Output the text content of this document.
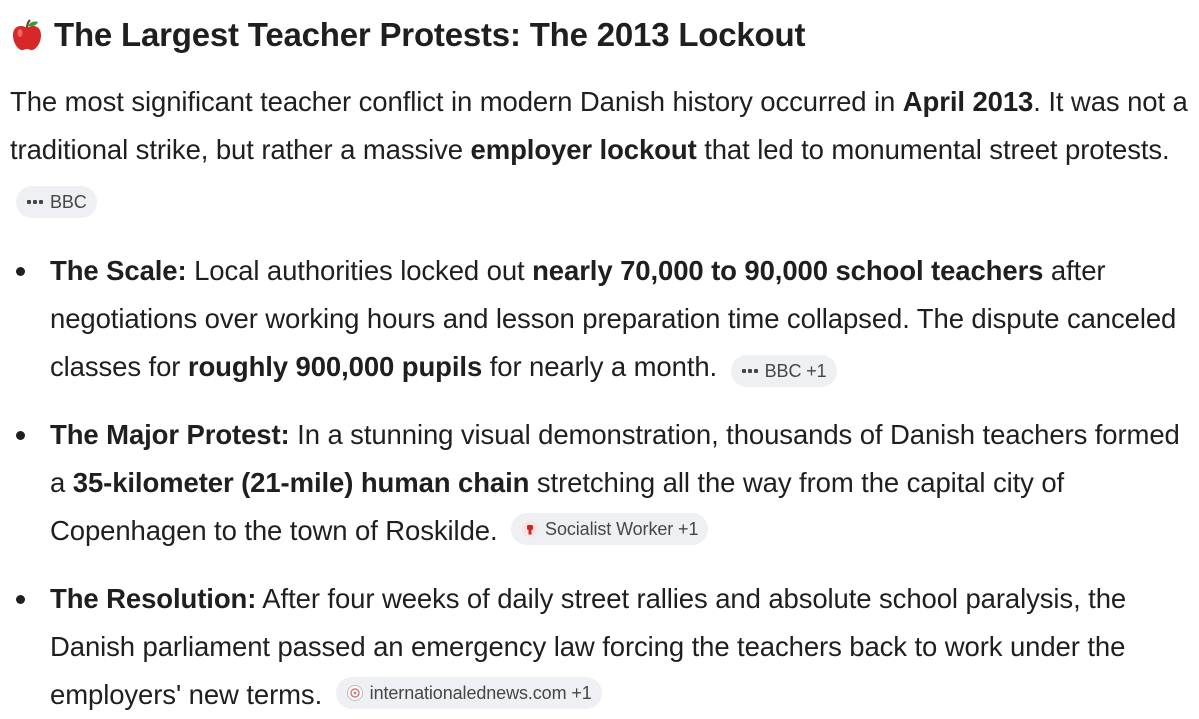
The Largest Teacher Protests: The 2013 Lockout

The most significant teacher conflict in modern Danish history occurred in April 2013. It was not a traditional strike, but rather a massive employer lockout that led to monumental street protests.
BBC

The Scale: Local authorities locked out nearly 70,000 to 90,000 school teachers after negotiations over working hours and lesson preparation time collapsed. The dispute canceled classes for roughly 900,000 pupils for nearly a month.	BBC +1
The Major Protest: In a stunning visual demonstration, thousands of Danish teachers formed a 35-kilometer (21-mile) human chain stretching all the way from the capital city of Copenhagen to the town of Roskilde.	Socialist Worker +1
The Resolution: After four weeks of daily street rallies and absolute school paralysis, the Danish parliament passed an emergency law forcing the teachers back to work under the employers' new terms.	internationalednews.com +1
